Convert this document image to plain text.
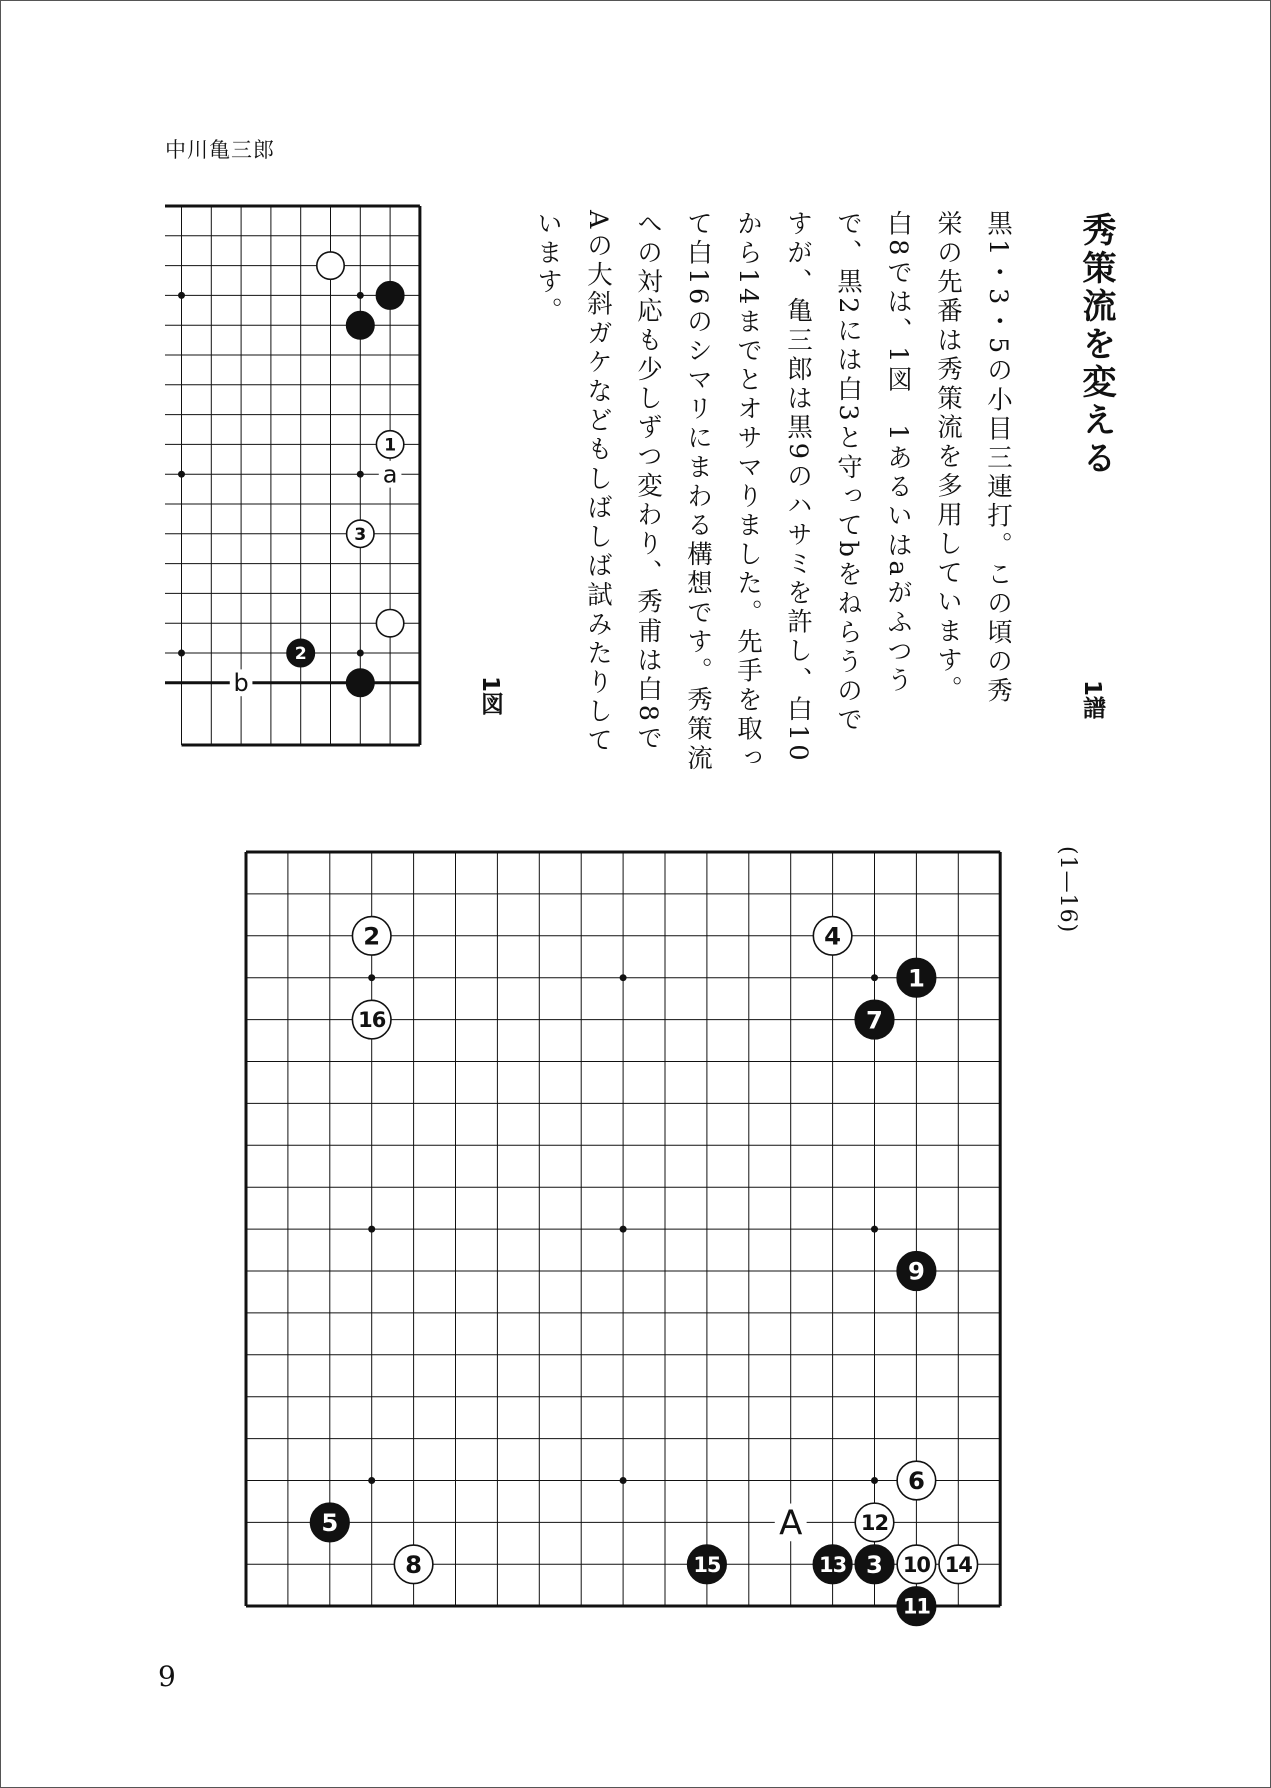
中川亀三郎
秀策流を変える
1譜
1図	黒1・3・5の小目三連打。この頃の秀
栄の先番は秀策流を多用しています。
白8では、1図　1あるいはaがふつう
で、黒2には白3と守ってbをねらうので
すが、亀三郎は黒9のハサミを許し、白10
から14までとオサマりました。先手を取っ
て白16のシマリにまわる構想です。秀策流
への対応も少しずつ変わり、秀甫は白8で
Aの大斜ガケなどもしばしば試みたりして
います。
(1—16)
9
a
b
1
3
2
A
1
2
3
4
5
6
7
8
9
10
11
12
13	14
15
16
